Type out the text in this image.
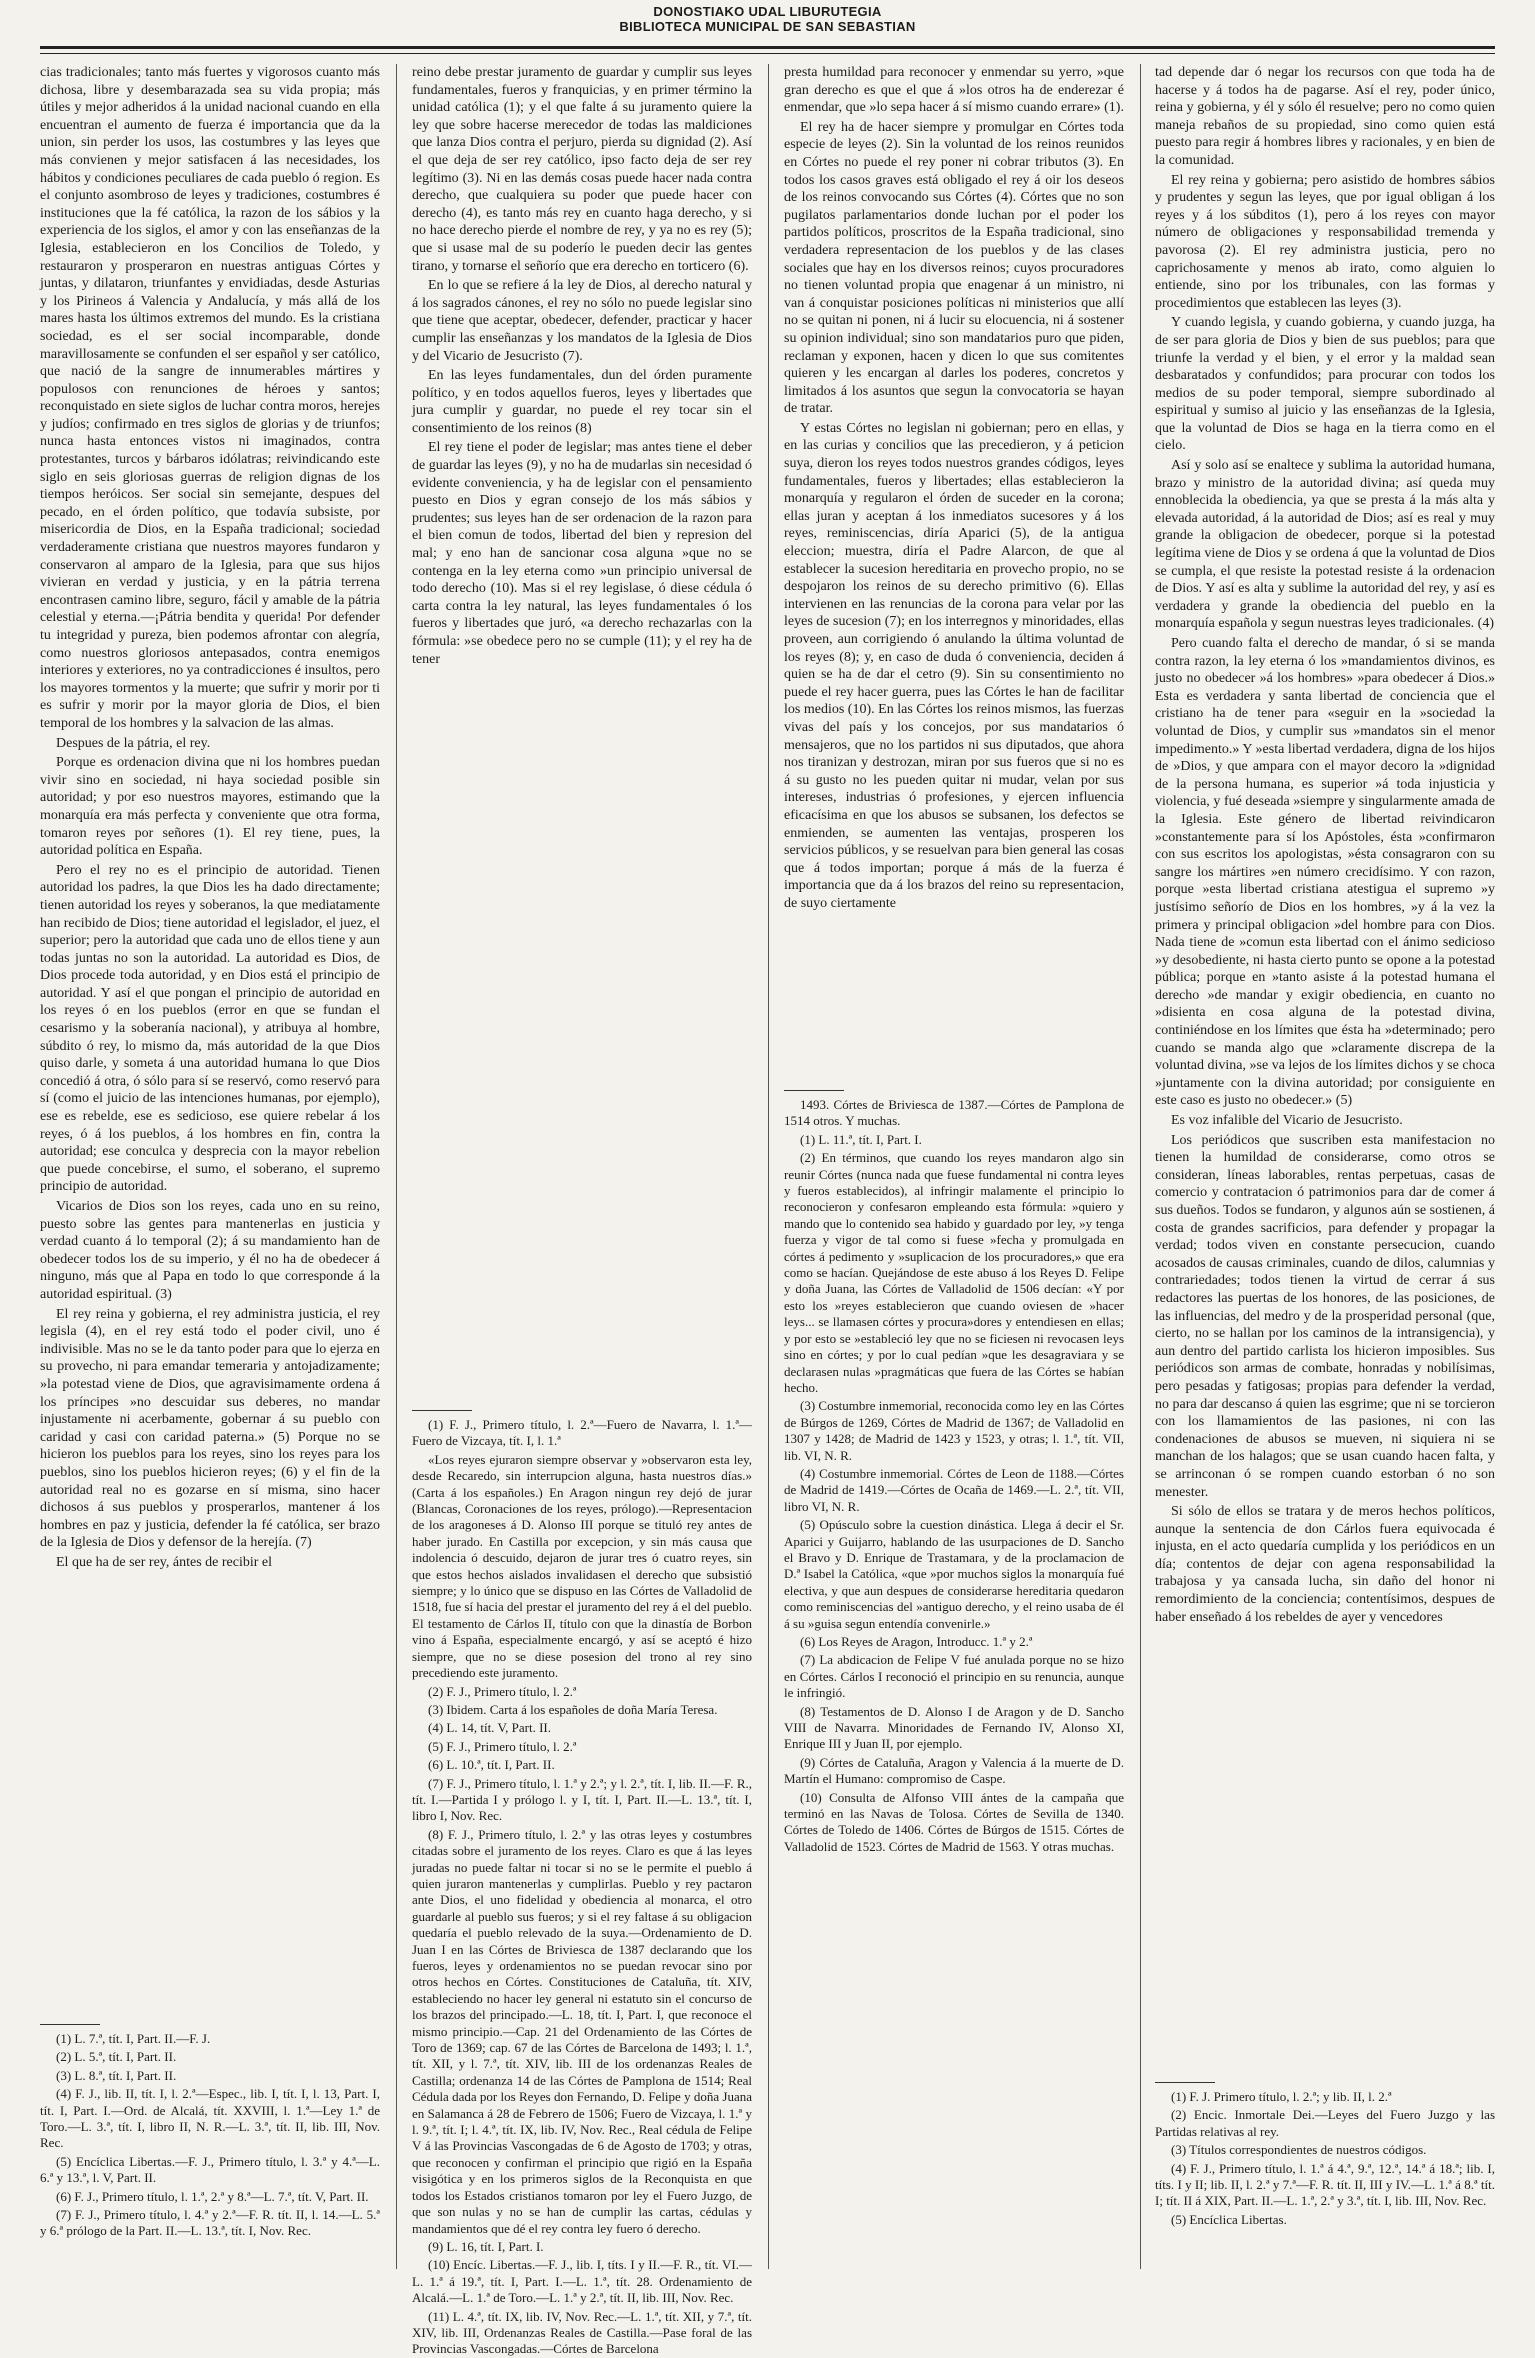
DONOSTIAKO UDAL LIBURUTEGIA
BIBLIOTECA MUNICIPAL DE SAN SEBASTIAN

cias tradicionales; tanto más fuertes y vigorosos cuanto más dichosa, libre y desembarazada sea su vida propia; más útiles y mejor adheridos á la unidad nacional cuando en ella encuentran el aumento de fuerza é importancia que da la union, sin perder los usos, las costumbres y las leyes que más convienen y mejor satisfacen á las necesidades, los hábitos y condiciones peculiares de cada pueblo ó region. Es el conjunto asombroso de leyes y tradiciones, costumbres é instituciones que la fé católica, la razon de los sábios y la experiencia de los siglos, el amor y con las enseñanzas de la Iglesia, establecieron en los Concilios de Toledo, y restauraron y prosperaron en nuestras antiguas Córtes y juntas, y dilataron, triunfantes y envidiadas, desde Asturias y los Pirineos á Valencia y Andalucía, y más allá de los mares hasta los últimos extremos del mundo. Es la cristiana sociedad, es el ser social incomparable, donde maravillosamente se confunden el ser español y ser católico, que nació de la sangre de innumerables mártires y populosos con renunciones de héroes y santos; reconquistado en siete siglos de luchar contra moros, herejes y judíos; confirmado en tres siglos de glorias y de triunfos; nunca hasta entonces vistos ni imaginados, contra protestantes, turcos y bárbaros idólatras; reivindicando este siglo en seis gloriosas guerras de religion dignas de los tiempos heróicos. Ser social sin semejante, despues del pecado, en el órden político, que todavía subsiste, por misericordia de Dios, en la España tradicional; sociedad verdaderamente cristiana que nuestros mayores fundaron y conservaron al amparo de la Iglesia, para que sus hijos vivieran en verdad y justicia, y en la pátria terrena encontrasen camino libre, seguro, fácil y amable de la pátria celestial y eterna.—¡Pátria bendita y querida! Por defender tu integridad y pureza, bien podemos afrontar con alegría, como nuestros gloriosos antepasados, contra enemigos interiores y exteriores, no ya contradicciones é insultos, pero los mayores tormentos y la muerte; que sufrir y morir por ti es sufrir y morir por la mayor gloria de Dios, el bien temporal de los hombres y la salvacion de las almas.

Despues de la pátria, el rey.

Porque es ordenacion divina que ni los hombres puedan vivir sino en sociedad, ni haya sociedad posible sin autoridad; y por eso nuestros mayores, estimando que la monarquía era más perfecta y conveniente que otra forma, tomaron reyes por señores (1). El rey tiene, pues, la autoridad política en España.

Pero el rey no es el principio de autoridad. Tienen autoridad los padres, la que Dios les ha dado directamente; tienen autoridad los reyes y soberanos, la que mediatamente han recibido de Dios; tiene autoridad el legislador, el juez, el superior; pero la autoridad que cada uno de ellos tiene y aun todas juntas no son la autoridad. La autoridad es Dios, de Dios procede toda autoridad, y en Dios está el principio de autoridad. Y así el que pongan el principio de autoridad en los reyes ó en los pueblos (error en que se fundan el cesarismo y la soberanía nacional), y atribuya al hombre, súbdito ó rey, lo mismo da, más autoridad de la que Dios quiso darle, y someta á una autoridad humana lo que Dios concedió á otra, ó sólo para sí se reservó, como reservó para sí (como el juicio de las intenciones humanas, por ejemplo), ese es rebelde, ese es sedicioso, ese quiere rebelar á los reyes, ó á los pueblos, á los hombres en fin, contra la autoridad; ese conculca y desprecia con la mayor rebelion que puede concebirse, el sumo, el soberano, el supremo principio de autoridad.

Vicarios de Dios son los reyes, cada uno en su reino, puesto sobre las gentes para mantenerlas en justicia y verdad cuanto á lo temporal (2); á su mandamiento han de obedecer todos los de su imperio, y él no ha de obedecer á ninguno, más que al Papa en todo lo que corresponde á la autoridad espiritual. (3)

El rey reina y gobierna, el rey administra justicia, el rey legisla (4), en el rey está todo el poder civil, uno é indivisible. Mas no se le da tanto poder para que lo ejerza en su provecho, ni para emandar temeraria y antojadizamente; »la potestad viene de Dios, que agravisimamente ordena á los príncipes »no descuidar sus deberes, no mandar injustamente ni acerbamente, gobernar á su pueblo con caridad y casi con caridad paterna.» (5) Porque no se hicieron los pueblos para los reyes, sino los reyes para los pueblos, sino los pueblos hicieron reyes; (6) y el fin de la autoridad real no es gozarse en sí misma, sino hacer dichosos á sus pueblos y prosperarlos, mantener á los hombres en paz y justicia, defender la fé católica, ser brazo de la Iglesia de Dios y defensor de la herejía. (7)

El que ha de ser rey, ántes de recibir el

(1) L. 7.ª, tít. I, Part. II.—F. J.

(2) L. 5.ª, tít. I, Part. II.

(3) L. 8.ª, tít. I, Part. II.

(4) F. J., lib. II, tít. I, l. 2.ª—Espec., lib. I, tít. I, l. 13, Part. I, tít. I, Part. I.—Ord. de Alcalá, tít. XXVIII, l. 1.ª—Ley 1.ª de Toro.—L. 3.ª, tít. I, libro II, N. R.—L. 3.ª, tít. II, lib. III, Nov. Rec.

(5) Encíclica Libertas.—F. J., Primero título, l. 3.ª y 4.ª—L. 6.ª y 13.ª, l. V, Part. II.

(6) F. J., Primero título, l. 1.ª, 2.ª y 8.ª—L. 7.ª, tít. V, Part. II.

(7) F. J., Primero título, l. 4.ª y 2.ª—F. R. tít. II, l. 14.—L. 5.ª y 6.ª prólogo de la Part. II.—L. 13.ª, tít. I, Nov. Rec.

reino debe prestar juramento de guardar y cumplir sus leyes fundamentales, fueros y franquicias, y en primer término la unidad católica (1); y el que falte á su juramento quiere la ley que sobre hacerse merecedor de todas las maldiciones que lanza Dios contra el perjuro, pierda su dignidad (2). Así el que deja de ser rey católico, ipso facto deja de ser rey legítimo (3). Ni en las demás cosas puede hacer nada contra derecho, que cualquiera su poder que puede hacer con derecho (4), es tanto más rey en cuanto haga derecho, y si no hace derecho pierde el nombre de rey, y ya no es rey (5); que si usase mal de su poderío le pueden decir las gentes tirano, y tornarse el señorío que era derecho en torticero (6).

En lo que se refiere á la ley de Dios, al derecho natural y á los sagrados cánones, el rey no sólo no puede legislar sino que tiene que aceptar, obedecer, defender, practicar y hacer cumplir las enseñanzas y los mandatos de la Iglesia de Dios y del Vicario de Jesucristo (7).

En las leyes fundamentales, dun del órden puramente político, y en todos aquellos fueros, leyes y libertades que jura cumplir y guardar, no puede el rey tocar sin el consentimiento de los reinos (8)

El rey tiene el poder de legislar; mas antes tiene el deber de guardar las leyes (9), y no ha de mudarlas sin necesidad ó evidente conveniencia, y ha de legislar con el pensamiento puesto en Dios y egran consejo de los más sábios y prudentes; sus leyes han de ser ordenacion de la razon para el bien comun de todos, libertad del bien y represion del mal; y eno han de sancionar cosa alguna »que no se contenga en la ley eterna como »un principio universal de todo derecho (10). Mas si el rey legislase, ó diese cédula ó carta contra la ley natural, las leyes fundamentales ó los fueros y libertades que juró, «a derecho rechazarlas con la fórmula: »se obedece pero no se cumple (11); y el rey ha de tener

(1) F. J., Primero título, l. 2.ª—Fuero de Navarra, l. 1.ª—Fuero de Vizcaya, tít. I, l. 1.ª

«Los reyes ejuraron siempre observar y »observaron esta ley, desde Recaredo, sin interrupcion alguna, hasta nuestros días.» (Carta á los españoles.) En Aragon ningun rey dejó de jurar (Blancas, Coronaciones de los reyes, prólogo).—Representacion de los aragoneses á D. Alonso III porque se tituló rey antes de haber jurado. En Castilla por excepcion, y sin más causa que indolencia ó descuido, dejaron de jurar tres ó cuatro reyes, sin que estos hechos aislados invalidasen el derecho que subsistió siempre; y lo único que se dispuso en las Córtes de Valladolid de 1518, fue sí hacia del prestar el juramento del rey á el del pueblo. El testamento de Cárlos II, título con que la dinastía de Borbon vino á España, especialmente encargó, y así se aceptó é hizo siempre, que no se diese posesion del trono al rey sino precediendo este juramento.

(2) F. J., Primero título, l. 2.ª

(3) Ibidem. Carta á los españoles de doña María Teresa.

(4) L. 14, tít. V, Part. II.

(5) F. J., Primero título, l. 2.ª

(6) L. 10.ª, tít. I, Part. II.

(7) F. J., Primero título, l. 1.ª y 2.ª; y l. 2.ª, tít. I, lib. II.—F. R., tít. I.—Partida I y prólogo l. y I, tít. I, Part. II.—L. 13.ª, tít. I, libro I, Nov. Rec.

(8) F. J., Primero título, l. 2.ª y las otras leyes y costumbres citadas sobre el juramento de los reyes. Claro es que á las leyes juradas no puede faltar ni tocar si no se le permite el pueblo á quien juraron mantenerlas y cumplirlas. Pueblo y rey pactaron ante Dios, el uno fidelidad y obediencia al monarca, el otro guardarle al pueblo sus fueros; y si el rey faltase á su obligacion quedaría el pueblo relevado de la suya.—Ordenamiento de D. Juan I en las Córtes de Briviesca de 1387 declarando que los fueros, leyes y ordenamientos no se puedan revocar sino por otros hechos en Córtes. Constituciones de Cataluña, tít. XIV, estableciendo no hacer ley general ni estatuto sin el concurso de los brazos del principado.—L. 18, tít. I, Part. I, que reconoce el mismo principio.—Cap. 21 del Ordenamiento de las Córtes de Toro de 1369; cap. 67 de las Córtes de Barcelona de 1493; l. 1.ª, tít. XII, y l. 7.ª, tít. XIV, lib. III de los ordenanzas Reales de Castilla; ordenanza 14 de las Córtes de Pamplona de 1514; Real Cédula dada por los Reyes don Fernando, D. Felipe y doña Juana en Salamanca á 28 de Febrero de 1506; Fuero de Vizcaya, l. 1.ª y l. 9.ª, tít. I; l. 4.ª, tít. IX, lib. IV, Nov. Rec., Real cédula de Felipe V á las Provincias Vascongadas de 6 de Agosto de 1703; y otras, que reconocen y confirman el principio que rigió en la España visigótica y en los primeros siglos de la Reconquista en que todos los Estados cristianos tomaron por ley el Fuero Juzgo, de que son nulas y no se han de cumplir las cartas, cédulas y mandamientos que dé el rey contra ley fuero ó derecho.

(9) L. 16, tít. I, Part. I.

(10) Encíc. Libertas.—F. J., lib. I, títs. I y II.—F. R., tít. VI.—L. 1.ª á 19.ª, tít. I, Part. I.—L. 1.ª, tít. 28. Ordenamiento de Alcalá.—L. 1.ª de Toro.—L. 1.ª y 2.ª, tít. II, lib. III, Nov. Rec.

(11) L. 4.ª, tít. IX, lib. IV, Nov. Rec.—L. 1.ª, tít. XII, y 7.ª, tít. XIV, lib. III, Ordenanzas Reales de Castilla.—Pase foral de las Provincias Vascongadas.—Córtes de Barcelona

presta humildad para reconocer y enmendar su yerro, »que gran derecho es que el que á »los otros ha de enderezar é enmendar, que »lo sepa hacer á sí mismo cuando errare» (1).

El rey ha de hacer siempre y promulgar en Córtes toda especie de leyes (2). Sin la voluntad de los reinos reunidos en Córtes no puede el rey poner ni cobrar tributos (3). En todos los casos graves está obligado el rey á oir los deseos de los reinos convocando sus Córtes (4). Córtes que no son pugilatos parlamentarios donde luchan por el poder los partidos políticos, proscritos de la España tradicional, sino verdadera representacion de los pueblos y de las clases sociales que hay en los diversos reinos; cuyos procuradores no tienen voluntad propia que enagenar á un ministro, ni van á conquistar posiciones políticas ni ministerios que allí no se quitan ni ponen, ni á lucir su elocuencia, ni á sostener su opinion individual; sino son mandatarios puro que piden, reclaman y exponen, hacen y dicen lo que sus comitentes quieren y les encargan al darles los poderes, concretos y limitados á los asuntos que segun la convocatoria se hayan de tratar.

Y estas Córtes no legislan ni gobiernan; pero en ellas, y en las curias y concilios que las precedieron, y á peticion suya, dieron los reyes todos nuestros grandes códigos, leyes fundamentales, fueros y libertades; ellas establecieron la monarquía y regularon el órden de suceder en la corona; ellas juran y aceptan á los inmediatos sucesores y á los reyes, reminiscencias, diría Aparici (5), de la antigua eleccion; muestra, diría el Padre Alarcon, de que al establecer la sucesion hereditaria en provecho propio, no se despojaron los reinos de su derecho primitivo (6). Ellas intervienen en las renuncias de la corona para velar por las leyes de sucesion (7); en los interregnos y minoridades, ellas proveen, aun corrigiendo ó anulando la última voluntad de los reyes (8); y, en caso de duda ó conveniencia, deciden á quien se ha de dar el cetro (9). Sin su consentimiento no puede el rey hacer guerra, pues las Córtes le han de facilitar los medios (10). En las Córtes los reinos mismos, las fuerzas vivas del país y los concejos, por sus mandatarios ó mensajeros, que no los partidos ni sus diputados, que ahora nos tiranizan y destrozan, miran por sus fueros que si no es á su gusto no les pueden quitar ni mudar, velan por sus intereses, industrias ó profesiones, y ejercen influencia eficacísima en que los abusos se subsanen, los defectos se enmienden, se aumenten las ventajas, prosperen los servicios públicos, y se resuelvan para bien general las cosas que á todos importan; porque á más de la fuerza é importancia que da á los brazos del reino su representacion, de suyo ciertamente

1493. Córtes de Briviesca de 1387.—Córtes de Pamplona de 1514 otros. Y muchas.

(1) L. 11.ª, tít. I, Part. I.

(2) En términos, que cuando los reyes mandaron algo sin reunir Córtes (nunca nada que fuese fundamental ni contra leyes y fueros establecidos), al infringir malamente el principio lo reconocieron y confesaron empleando esta fórmula: »quiero y mando que lo contenido sea habido y guardado por ley, »y tenga fuerza y vigor de tal como si fuese »fecha y promulgada en córtes á pedimento y »suplicacion de los procuradores,» que era como se hacían. Quejándose de este abuso á los Reyes D. Felipe y doña Juana, las Córtes de Valladolid de 1506 decían: «Y por esto los »reyes establecieron que cuando oviesen de »hacer leys... se llamasen córtes y procura»dores y entendiesen en ellas; y por esto se »estableció ley que no se ficiesen ni revocasen leys sino en córtes; y por lo cual pedían »que les desagraviara y se declarasen nulas »pragmáticas que fuera de las Córtes se habían hecho.

(3) Costumbre inmemorial, reconocida como ley en las Córtes de Búrgos de 1269, Córtes de Madrid de 1367; de Valladolid en 1307 y 1428; de Madrid de 1423 y 1523, y otras; l. 1.ª, tít. VII, lib. VI, N. R.

(4) Costumbre inmemorial. Córtes de Leon de 1188.—Córtes de Madrid de 1419.—Córtes de Ocaña de 1469.—L. 2.ª, tít. VII, libro VI, N. R.

(5) Opúsculo sobre la cuestion dinástica. Llega á decir el Sr. Aparici y Guijarro, hablando de las usurpaciones de D. Sancho el Bravo y D. Enrique de Trastamara, y de la proclamacion de D.ª Isabel la Católica, «que »por muchos siglos la monarquía fué electiva, y que aun despues de considerarse hereditaria quedaron como reminiscencias del »antiguo derecho, y el reino usaba de él á su »guisa segun entendía convenirle.»

(6) Los Reyes de Aragon, Introducc. 1.ª y 2.ª

(7) La abdicacion de Felipe V fué anulada porque no se hizo en Córtes. Cárlos I reconoció el principio en su renuncia, aunque le infringió.

(8) Testamentos de D. Alonso I de Aragon y de D. Sancho VIII de Navarra. Minoridades de Fernando IV, Alonso XI, Enrique III y Juan II, por ejemplo.

(9) Córtes de Cataluña, Aragon y Valencia á la muerte de D. Martín el Humano: compromiso de Caspe.

(10) Consulta de Alfonso VIII ántes de la campaña que terminó en las Navas de Tolosa. Córtes de Sevilla de 1340. Córtes de Toledo de 1406. Córtes de Búrgos de 1515. Córtes de Valladolid de 1523. Córtes de Madrid de 1563. Y otras muchas.

tad depende dar ó negar los recursos con que toda ha de hacerse y á todos ha de pagarse. Así el rey, poder único, reina y gobierna, y él y sólo él resuelve; pero no como quien maneja rebaños de su propiedad, sino como quien está puesto para regir á hombres libres y racionales, y en bien de la comunidad.

El rey reina y gobierna; pero asistido de hombres sábios y prudentes y segun las leyes, que por igual obligan á los reyes y á los súbditos (1), pero á los reyes con mayor número de obligaciones y responsabilidad tremenda y pavorosa (2). El rey administra justicia, pero no caprichosamente y menos ab irato, como alguien lo entiende, sino por los tribunales, con las formas y procedimientos que establecen las leyes (3).

Y cuando legisla, y cuando gobierna, y cuando juzga, ha de ser para gloria de Dios y bien de sus pueblos; para que triunfe la verdad y el bien, y el error y la maldad sean desbaratados y confundidos; para procurar con todos los medios de su poder temporal, siempre subordinado al espiritual y sumiso al juicio y las enseñanzas de la Iglesia, que la voluntad de Dios se haga en la tierra como en el cielo.

Así y solo así se enaltece y sublima la autoridad humana, brazo y ministro de la autoridad divina; así queda muy ennoblecida la obediencia, ya que se presta á la más alta y elevada autoridad, á la autoridad de Dios; así es real y muy grande la obligacion de obedecer, porque si la potestad legítima viene de Dios y se ordena á que la voluntad de Dios se cumpla, el que resiste la potestad resiste á la ordenacion de Dios. Y así es alta y sublime la autoridad del rey, y así es verdadera y grande la obediencia del pueblo en la monarquía española y segun nuestras leyes tradicionales. (4)

Pero cuando falta el derecho de mandar, ó si se manda contra razon, la ley eterna ó los »mandamientos divinos, es justo no obedecer »á los hombres» »para obedecer á Dios.» Esta es verdadera y santa libertad de conciencia que el cristiano ha de tener para «seguir en la »sociedad la voluntad de Dios, y cumplir sus »mandatos sin el menor impedimento.» Y »esta libertad verdadera, digna de los hijos de »Dios, y que ampara con el mayor decoro la »dignidad de la persona humana, es superior »á toda injusticia y violencia, y fué deseada »siempre y singularmente amada de la Iglesia. Este género de libertad reivindicaron »constantemente para sí los Apóstoles, ésta »confirmaron con sus escritos los apologistas, »ésta consagraron con su sangre los mártires »en número crecidísimo. Y con razon, porque »esta libertad cristiana atestigua el supremo »y justísimo señorío de Dios en los hombres, »y á la vez la primera y principal obligacion »del hombre para con Dios. Nada tiene de »comun esta libertad con el ánimo sedicioso »y desobediente, ni hasta cierto punto se opone a la potestad pública; porque en »tanto asiste á la potestad humana el derecho »de mandar y exigir obediencia, en cuanto no »disienta en cosa alguna de la potestad divina, continiéndose en los límites que ésta ha »determinado; pero cuando se manda algo que »claramente discrepa de la voluntad divina, »se va lejos de los límites dichos y se choca »juntamente con la divina autoridad; por consiguiente en este caso es justo no obedecer.» (5)

Es voz infalible del Vicario de Jesucristo.

Los periódicos que suscriben esta manifestacion no tienen la humildad de considerarse, como otros se consideran, líneas laborables, rentas perpetuas, casas de comercio y contratacion ó patrimonios para dar de comer á sus dueños. Todos se fundaron, y algunos aún se sostienen, á costa de grandes sacrificios, para defender y propagar la verdad; todos viven en constante persecucion, cuando acosados de causas criminales, cuando de dilos, calumnias y contrariedades; todos tienen la virtud de cerrar á sus redactores las puertas de los honores, de las posiciones, de las influencias, del medro y de la prosperidad personal (que, cierto, no se hallan por los caminos de la intransigencia), y aun dentro del partido carlista los hicieron imposibles. Sus periódicos son armas de combate, honradas y nobilísimas, pero pesadas y fatigosas; propias para defender la verdad, no para dar descanso á quien las esgrime; que ni se torcieron con los llamamientos de las pasiones, ni con las condenaciones de abusos se mueven, ni siquiera ni se manchan de los halagos; que se usan cuando hacen falta, y se arrinconan ó se rompen cuando estorban ó no son menester.

Si sólo de ellos se tratara y de meros hechos políticos, aunque la sentencia de don Cárlos fuera equivocada é injusta, en el acto quedaría cumplida y los periódicos en un día; contentos de dejar con agena responsabilidad la trabajosa y ya cansada lucha, sin daño del honor ni remordimiento de la conciencia; contentísimos, despues de haber enseñado á los rebeldes de ayer y vencedores

(1) F. J. Primero título, l. 2.ª; y lib. II, l. 2.ª

(2) Encic. Inmortale Dei.—Leyes del Fuero Juzgo y las Partidas relativas al rey.

(3) Títulos correspondientes de nuestros códigos.

(4) F. J., Primero título, l. 1.ª á 4.ª, 9.ª, 12.ª, 14.ª á 18.ª; lib. I, títs. I y II; lib. II, l. 2.ª y 7.ª—F. R. tít. II, III y IV.—L. 1.ª á 8.ª tít. I; tít. II á XIX, Part. II.—L. 1.ª, 2.ª y 3.ª, tít. I, lib. III, Nov. Rec.

(5) Encíclica Libertas.
